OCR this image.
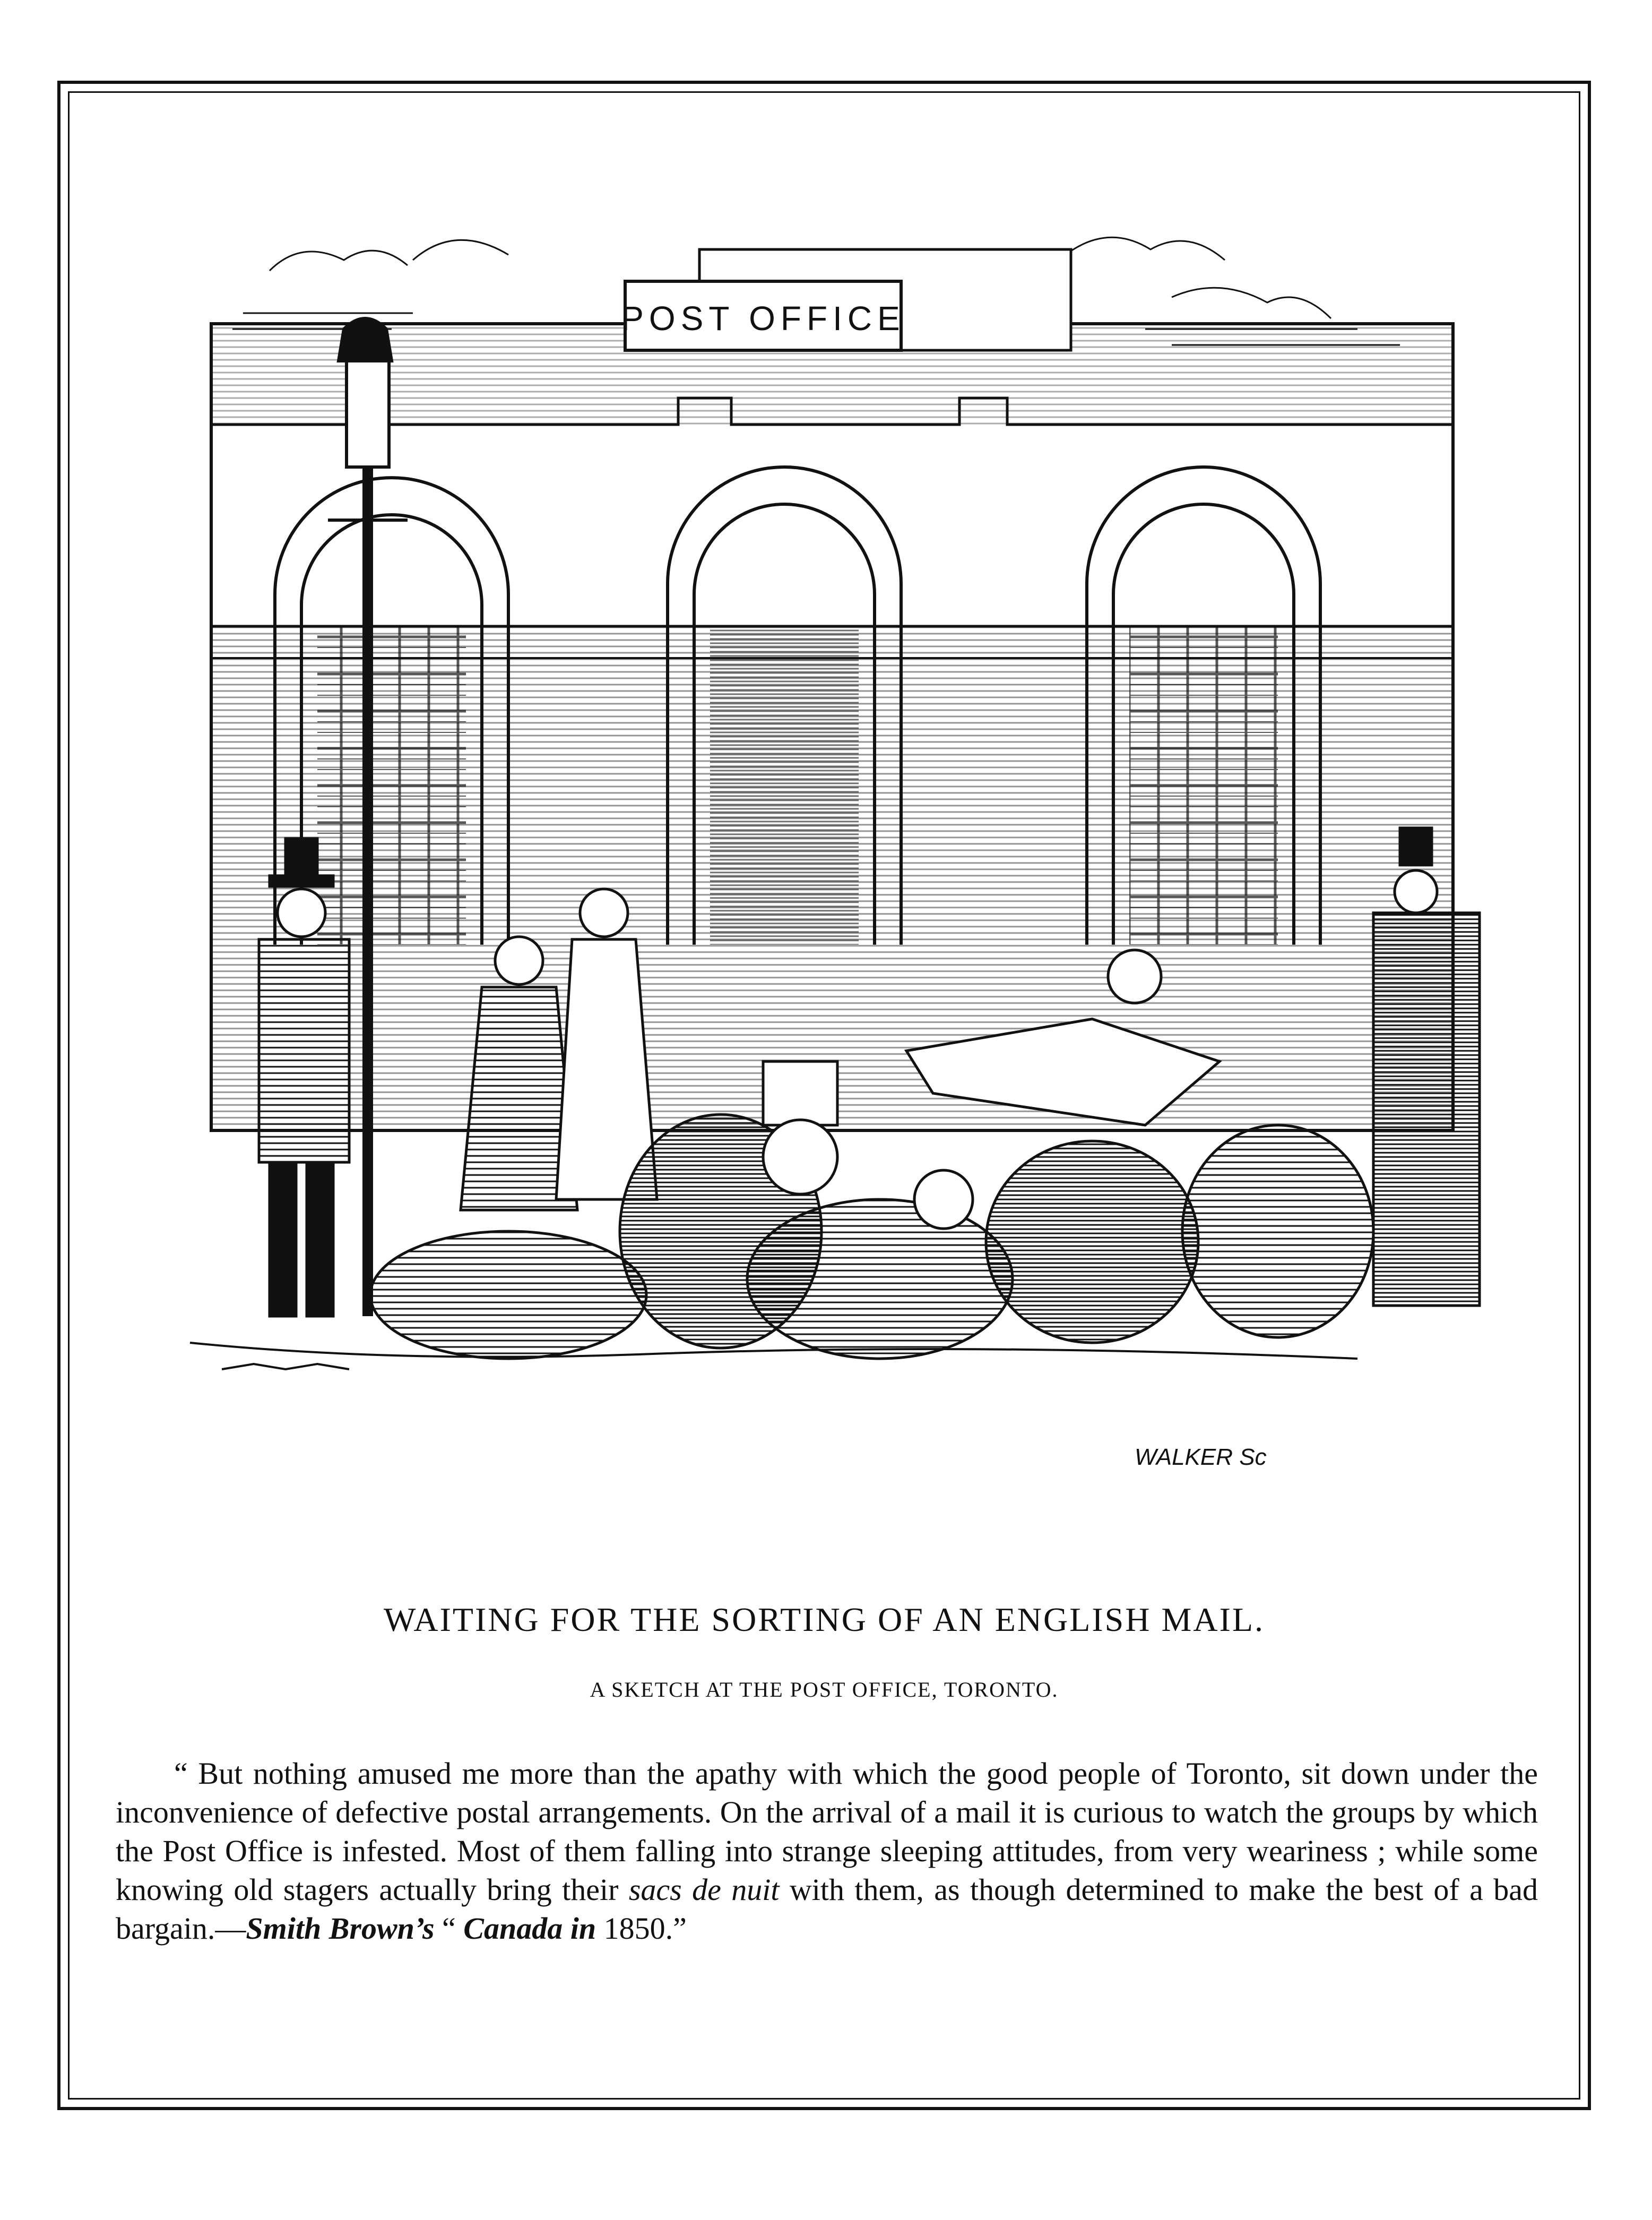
POST OFFICE
WALKER Sc
WAITING FOR THE SORTING OF AN ENGLISH MAIL.

A SKETCH AT THE POST OFFICE, TORONTO.

“ But nothing amused me more than the apathy with which the good people of Toronto, sit down under the inconvenience of defective postal arrangements. On the arrival of a mail it is curious to watch the groups by which the Post Office is infested. Most of them falling into strange sleeping attitudes, from very weariness ; while some knowing old stagers actually bring their sacs de nuit with them, as though determined to make the best of a bad bargain.—Smith Brown’s “ Canada in 1850.”
